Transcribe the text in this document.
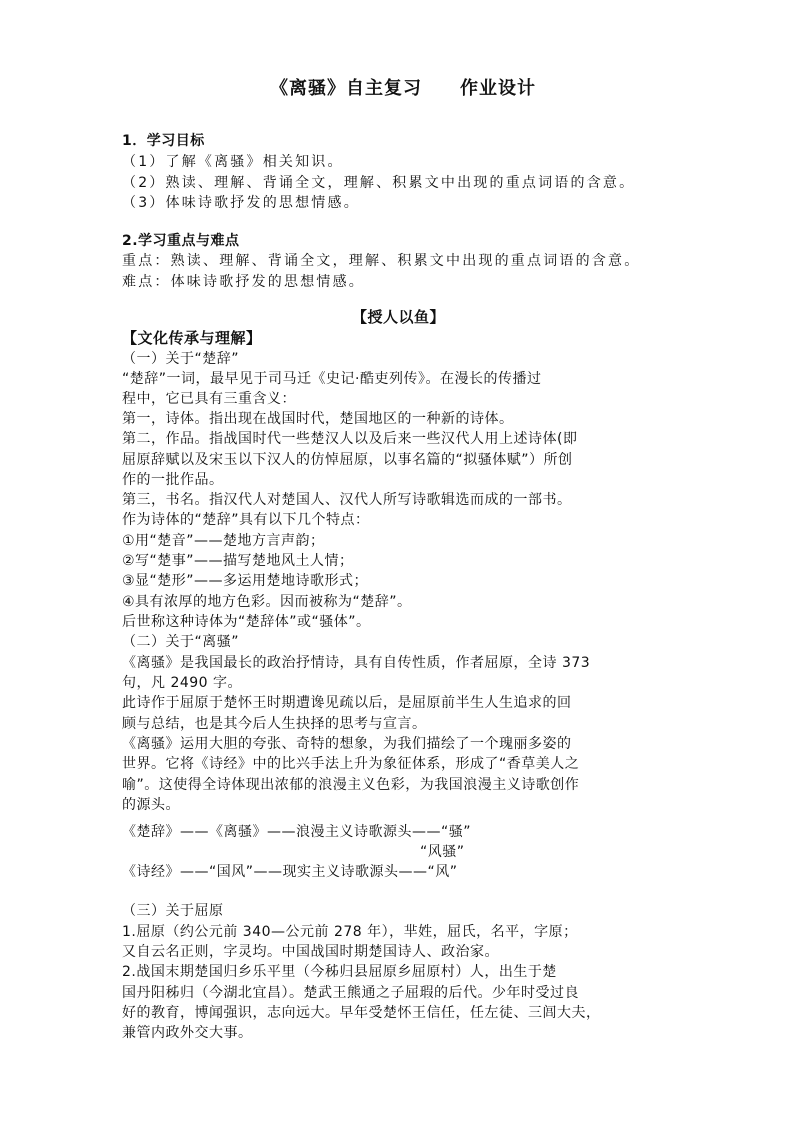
《离骚》自主复习　　作业设计
1．学习目标
（1）了解《离骚》相关知识。
（2）熟读、理解、背诵全文，理解、积累文中出现的重点词语的含意。
（3）体味诗歌抒发的思想情感。
2.学习重点与难点
重点：熟读、理解、背诵全文，理解、积累文中出现的重点词语的含意。
难点：体味诗歌抒发的思想情感。
【授人以鱼】
【文化传承与理解】
（一）关于“楚辞”
“楚辞”一词，最早见于司马迁《史记·酷吏列传》。在漫长的传播过
程中，它已具有三重含义：
第一，诗体。指出现在战国时代，楚国地区的一种新的诗体。
第二，作品。指战国时代一些楚汉人以及后来一些汉代人用上述诗体(即
屈原辞赋以及宋玉以下汉人的仿悼屈原，以事名篇的“拟骚体赋”）所创
作的一批作品。
第三，书名。指汉代人对楚国人、汉代人所写诗歌辑选而成的一部书。
作为诗体的“楚辞”具有以下几个特点：
①用“楚音”——楚地方言声韵；
②写“楚事”——描写楚地风土人情；
③显“楚形”——多运用楚地诗歌形式；
④具有浓厚的地方色彩。因而被称为“楚辞”。
后世称这种诗体为“楚辞体”或“骚体”。
（二）关于“离骚”
《离骚》是我国最长的政治抒情诗，具有自传性质，作者屈原，全诗 373
句，凡 2490 字。
此诗作于屈原于楚怀王时期遭谗见疏以后，是屈原前半生人生追求的回
顾与总结，也是其今后人生抉择的思考与宣言。
《离骚》运用大胆的夸张、奇特的想象，为我们描绘了一个瑰丽多姿的
世界。它将《诗经》中的比兴手法上升为象征体系，形成了“香草美人之
喻”。这使得全诗体现出浓郁的浪漫主义色彩，为我国浪漫主义诗歌创作
的源头。
《楚辞》——《离骚》——浪漫主义诗歌源头——“骚”
“风骚”
《诗经》——“国风”——现实主义诗歌源头——“风”
（三）关于屈原
1.屈原（约公元前 340—公元前 278 年），芈姓，屈氏，名平，字原；
又自云名正则，字灵均。中国战国时期楚国诗人、政治家。
2.战国末期楚国归乡乐平里（今秭归县屈原乡屈原村）人，出生于楚
国丹阳秭归（今湖北宜昌）。楚武王熊通之子屈瑕的后代。少年时受过良
好的教育，博闻强识，志向远大。早年受楚怀王信任，任左徒、三闾大夫，
兼管内政外交大事。
